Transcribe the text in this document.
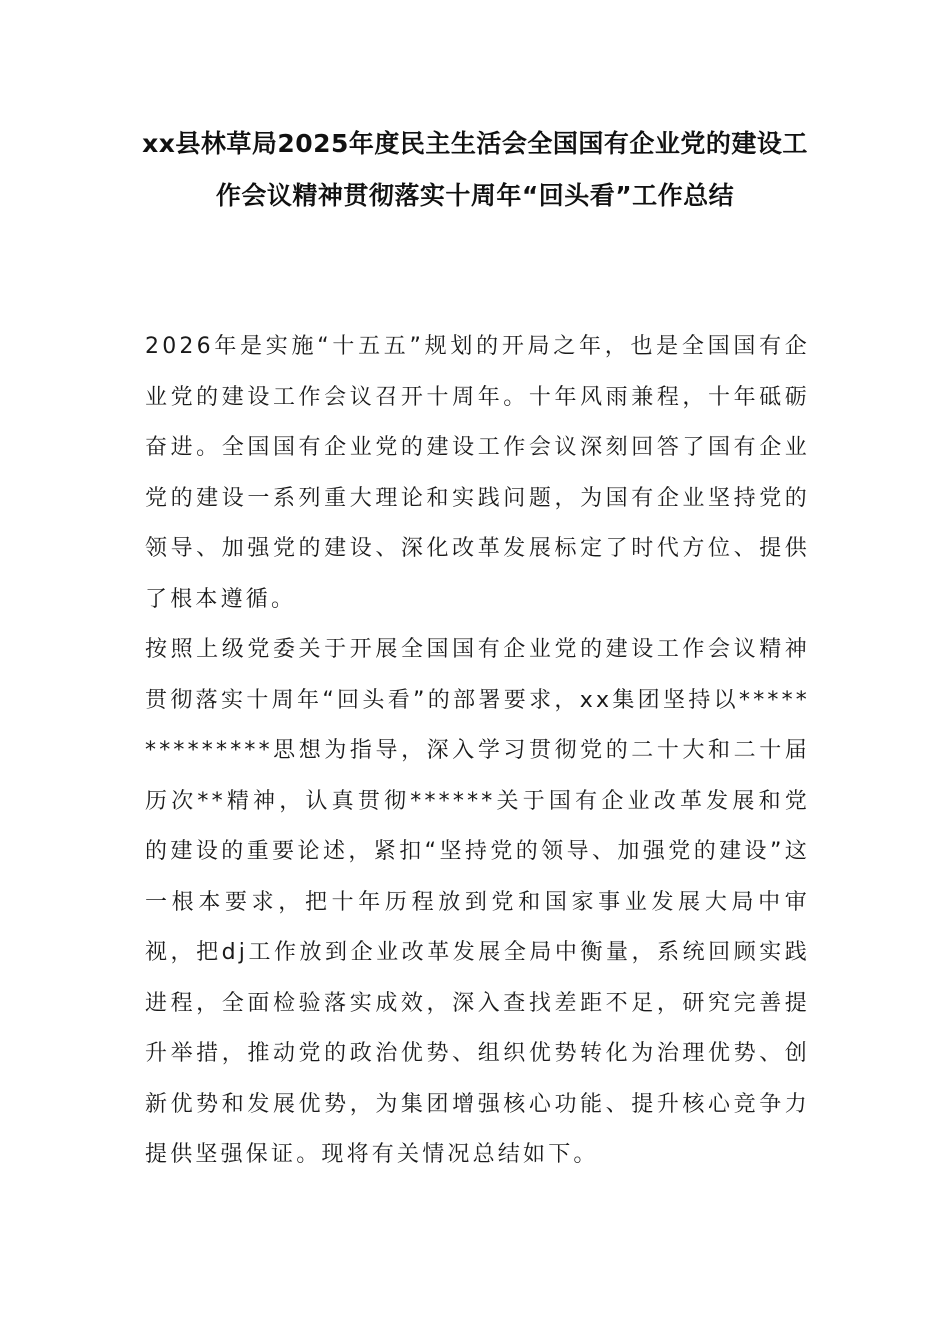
xx县林草局2025年度民主生活会全国国有企业党的建设工作会议精神贯彻落实十周年“回头看”工作总结

2026年是实施“十五五”规划的开局之年，也是全国国有企业党的建设工作会议召开十周年。十年风雨兼程，十年砥砺奋进。全国国有企业党的建设工作会议深刻回答了国有企业党的建设一系列重大理论和实践问题，为国有企业坚持党的领导、加强党的建设、深化改革发展标定了时代方位、提供了根本遵循。

按照上级党委关于开展全国国有企业党的建设工作会议精神贯彻落实十周年“回头看”的部署要求，xx集团坚持以**************思想为指导，深入学习贯彻党的二十大和二十届历次**精神，认真贯彻******关于国有企业改革发展和党的建设的重要论述，紧扣“坚持党的领导、加强党的建设”这一根本要求，把十年历程放到党和国家事业发展大局中审视，把dj工作放到企业改革发展全局中衡量，系统回顾实践进程，全面检验落实成效，深入查找差距不足，研究完善提升举措，推动党的政治优势、组织优势转化为治理优势、创新优势和发展优势，为集团增强核心功能、提升核心竞争力提供坚强保证。现将有关情况总结如下。
